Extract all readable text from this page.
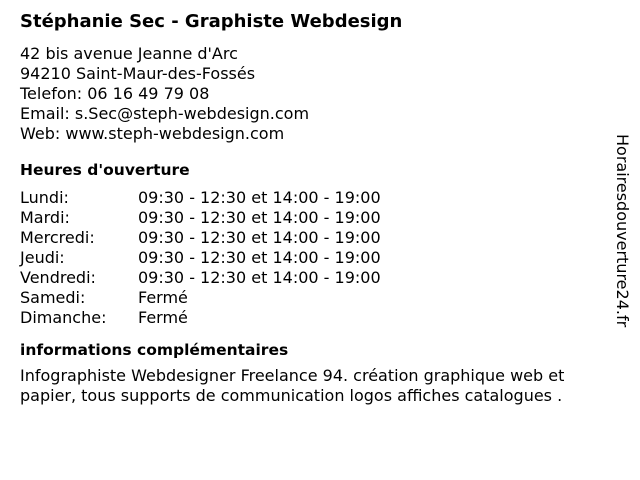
Stéphanie Sec - Graphiste Webdesign
42 bis avenue Jeanne d'Arc
94210 Saint-Maur-des-Fossés
Telefon: 06 16 49 79 08
Email: s.Sec@steph-webdesign.com
Web: www.steph-webdesign.com
Heures d'ouverture
Lundi:	09:30 - 12:30 et 14:00 - 19:00
Mardi:	09:30 - 12:30 et 14:00 - 19:00
Mercredi:	09:30 - 12:30 et 14:00 - 19:00
Jeudi:	09:30 - 12:30 et 14:00 - 19:00
Vendredi:	09:30 - 12:30 et 14:00 - 19:00
Samedi:	Fermé
Dimanche:	Fermé
informations complémentaires
Infographiste Webdesigner Freelance 94. création graphique web et papier, tous supports de communication logos affiches catalogues .
Horairesdouverture24.fr
